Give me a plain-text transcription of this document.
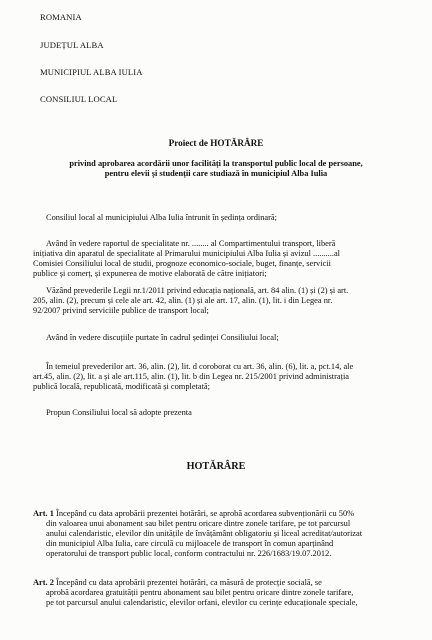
ROMANIA
JUDEȚUL ALBA
MUNICIPIUL ALBA IULIA
CONSILIUL LOCAL
Proiect de HOTĂRÂRE
privind aprobarea acordării unor facilități la transportul public local de persoane,
pentru elevii și studenții care studiază în municipiul Alba Iulia
Consiliul local al municipiului Alba Iulia întrunit în ședința ordinară;
Având în vedere raportul de specialitate nr. ........ al Compartimentului transport, liberă
inițiativa din aparatul de specialitate al Primarului municipiului Alba Iulia și avizul ..........al
Comisiei Consiliului local de studii, prognoze economico-sociale, buget, finanțe, servicii
publice și comerț, și expunerea de motive elaborată de către inițiatori;
Văzând prevederile Legii nr.1/2011 privind educația națională, art. 84 alin. (1) și (2) și art.
205, alin. (2), precum și cele ale art. 42, alin. (1) și ale art. 17, alin. (1), lit. i din Legea nr.
92/2007 privind serviciile publice de transport local;
Având în vedere discuțiile purtate în cadrul ședinței Consiliului local;
În temeiul prevederilor art. 36, alin. (2), lit. d coroborat cu art. 36, alin. (6), lit. a, pct.14, ale
art.45, alin. (2), lit. a și ale art.115, alin. (1), lit. b din Legea nr. 215/2001 privind administrația
publică locală, republicată, modificată și completată;
Propun Consiliului local să adopte prezenta
HOTĂRÂRE
Art. 1 Începând cu data aprobării prezentei hotărâri, se aprobă acordarea subvenționării cu 50%
din valoarea unui abonament sau bilet pentru oricare dintre zonele tarifare, pe tot parcursul
anului calendaristic, elevilor din unitățile de învățământ obligatoriu și liceal acreditat/autorizat
din municipiul Alba Iulia, care circulă cu mijloacele de transport în comun aparținând
operatorului de transport public local, conform contractului nr. 226/1683/19.07.2012.
Art. 2 Începând cu data aprobării prezentei hotărâri, ca măsură de protecție socială, se
aprobă acordarea gratuității pentru abonament sau bilet pentru oricare dintre zonele tarifare,
pe tot parcursul anului calendaristic, elevilor orfani, elevilor cu cerințe educaționale speciale,
